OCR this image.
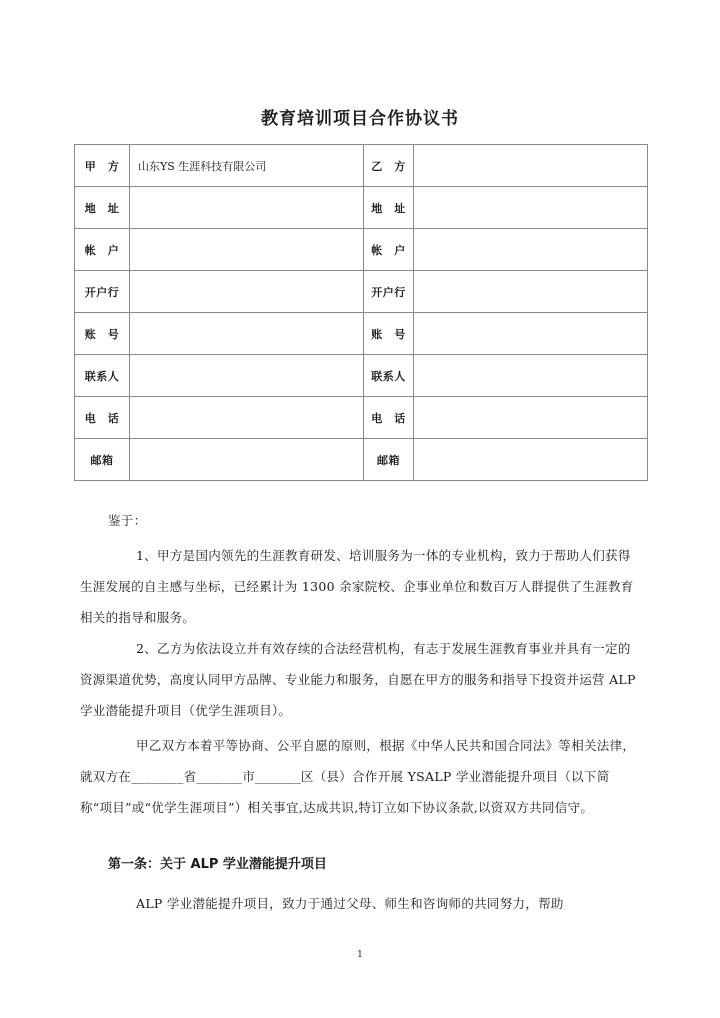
教育培训项目合作协议书
甲　方	山东YS 生涯科技有限公司	乙　方	
地　址		地　址	
帐　户		帐　户	
开户行		开户行	
账　号		账　号	
联系人		联系人	
电　话		电　话	
邮箱		邮箱	
鉴于：
1、甲方是国内领先的生涯教育研发、培训服务为一体的专业机构，致力于帮助人们获得生涯发展的自主感与坐标，已经累计为 1300 余家院校、企事业单位和数百万人群提供了生涯教育相关的指导和服务。
2、乙方为依法设立并有效存续的合法经营机构，有志于发展生涯教育事业并具有一定的资源渠道优势，高度认同甲方品牌、专业能力和服务，自愿在甲方的服务和指导下投资并运营 ALP 学业潜能提升项目（优学生涯项目）。
甲乙双方本着平等协商、公平自愿的原则，根据《中华人民共和国合同法》等相关法律，就双方在________省_______市_______区（县）合作开展 YSALP 学业潜能提升项目（以下简称“项目”或“优学生涯项目”）相关事宜,达成共识,特订立如下协议条款,以资双方共同信守。
第一条：关于 ALP 学业潜能提升项目
ALP 学业潜能提升项目，致力于通过父母、师生和咨询师的共同努力，帮助
1
